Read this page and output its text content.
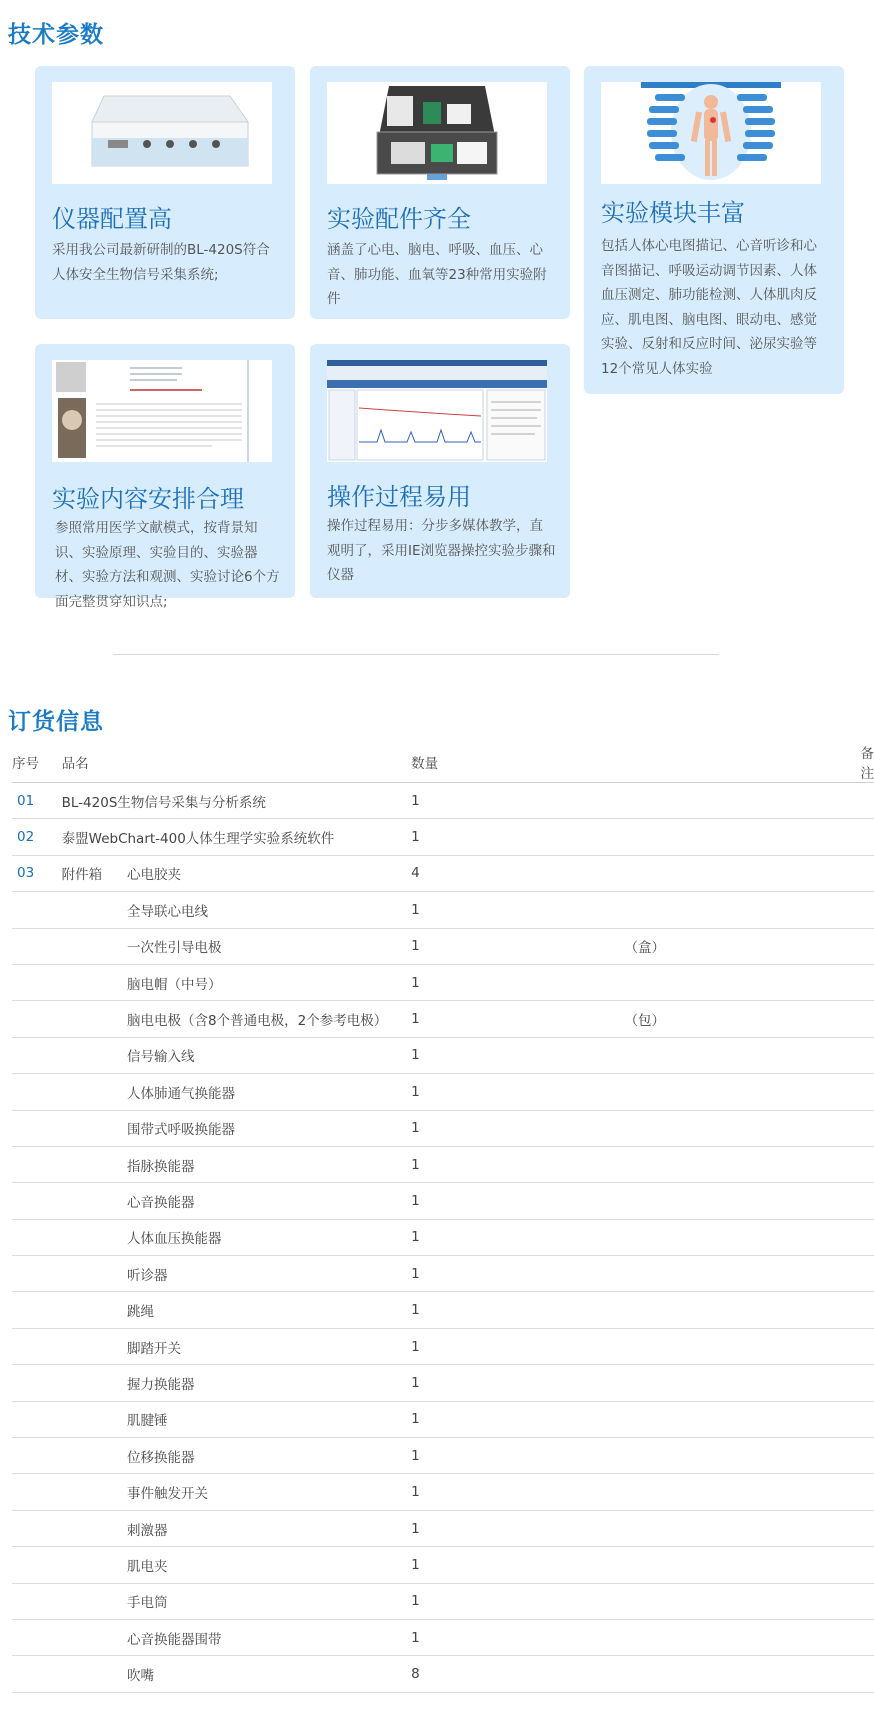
技术参数
仪器配置高
采用我公司最新研制的BL-420S符合人体安全生物信号采集系统;
实验配件齐全
涵盖了心电、脑电、呼吸、血压、心音、肺功能、血氧等23种常用实验附件
实验模块丰富
包括人体心电图描记、心音听诊和心音图描记、呼吸运动调节因素、人体血压测定、肺功能检测、人体肌肉反应、肌电图、脑电图、眼动电、感觉实验、反射和反应时间、泌尿实验等12个常见人体实验
实验内容安排合理
参照常用医学文献模式，按背景知识、实验原理、实验目的、实验器材、实验方法和观测、实验讨论6个方面完整贯穿知识点;
操作过程易用
操作过程易用：分步多媒体教学，直观明了，采用IE浏览器操控实验步骤和仪器
订货信息
序号	品名		数量	备注
01	BL-420S生物信号采集与分析系统		1	
02	泰盟WebChart-400人体生理学实验系统软件		1	
03	附件箱	心电胶夹	4	
		全导联心电线	1	
		一次性引导电极	1	（盒）
		脑电帽（中号）	1	
		脑电电极（含8个普通电极，2个参考电极）	1	（包）
		信号输入线	1	
		人体肺通气换能器	1	
		围带式呼吸换能器	1	
		指脉换能器	1	
		心音换能器	1	
		人体血压换能器	1	
		听诊器	1	
		跳绳	1	
		脚踏开关	1	
		握力换能器	1	
		肌腱锤	1	
		位移换能器	1	
		事件触发开关	1	
		刺激器	1	
		肌电夹	1	
		手电筒	1	
		心音换能器围带	1	
		吹嘴	8	
